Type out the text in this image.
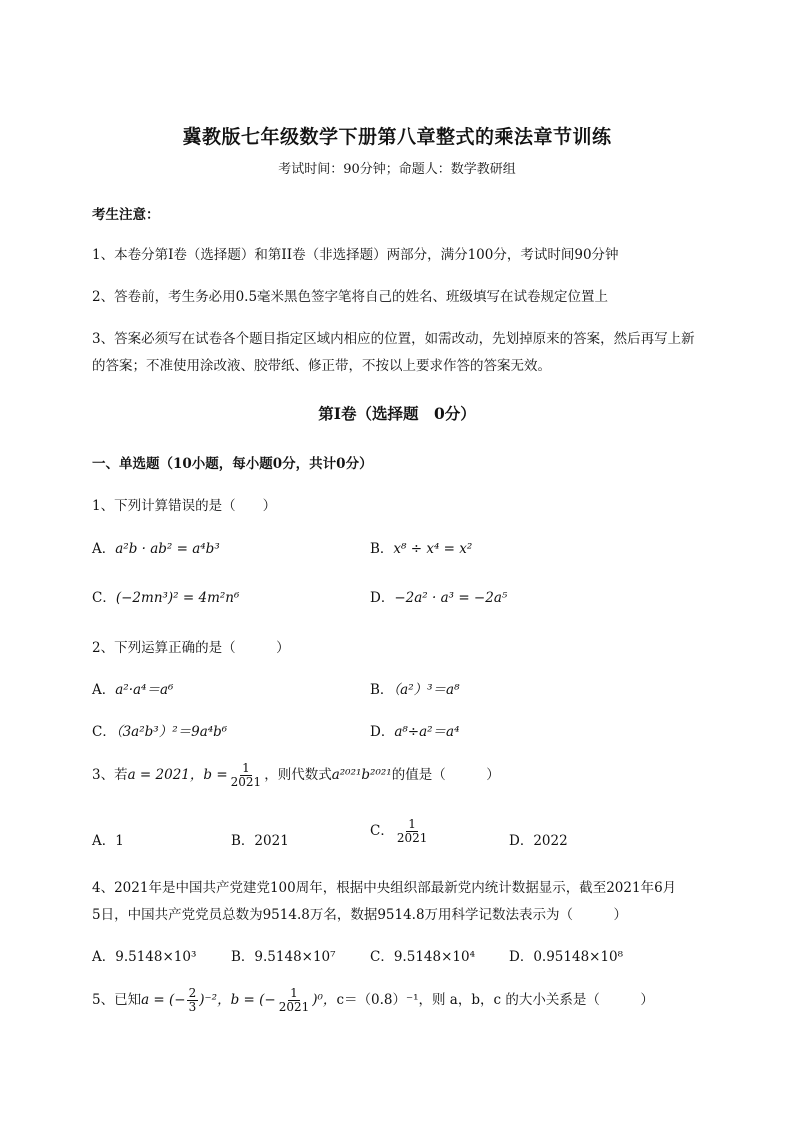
冀教版七年级数学下册第八章整式的乘法章节训练
考试时间：90分钟；命题人：数学教研组
考生注意：
1、本卷分第I卷（选择题）和第II卷（非选择题）两部分，满分100分，考试时间90分钟
2、答卷前，考生务必用0.5毫米黑色签字笔将自己的姓名、班级填写在试卷规定位置上
3、答案必须写在试卷各个题目指定区域内相应的位置，如需改动，先划掉原来的答案，然后再写上新
的答案；不准使用涂改液、胶带纸、修正带，不按以上要求作答的答案无效。
第I卷（选择题　0分）
一、单选题（10小题，每小题0分，共计0分）
1、下列计算错误的是（　　）
A．a²b · ab² = a⁴b³	B．x⁸ ÷ x⁴ = x²
C．(−2mn³)² = 4m²n⁶	D．−2a² · a³ = −2a⁵
2、下列运算正确的是（　　　）
A．a²·a⁴＝a⁶	B．（a²）³＝a⁸
C．（3a²b³）²＝9a⁴b⁶	D．a⁸÷a²＝a⁴
3、若a = 2021，$b = \frac{1}{2021}$ ，则代数式a²⁰²¹b²⁰²¹的值是（　　　）
A．1	B．2021
C． $\frac{1}{2021}$	D．2022
4、2021年是中国共产党建党100周年，根据中央组织部最新党内统计数据显示，截至2021年6月
5日，中国共产党党员总数为9514.8万名，数据9514.8万用科学记数法表示为（　　　）
A．9.5148×10³	B．9.5148×10⁷	C．9.5148×10⁴	D．0.95148×10⁸
5、已知a = (− $\frac{2}{3} )^{-2}$，b = (− $\frac{1}{2021} )^0$，c＝（0.8）⁻¹，则 a，b，c 的大小关系是（　　　）
